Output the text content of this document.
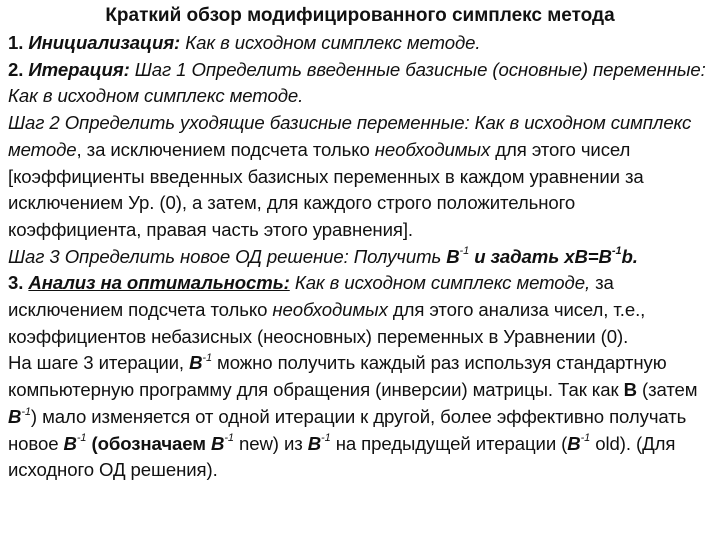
Краткий обзор модифицированного симплекс метода

1. Инициализация: Как в исходном симплекс методе.

2. Итерация: Шаг 1 Определить введенные базисные (основные) переменные: Как в исходном симплекс методе.

Шаг 2 Определить уходящие базисные переменные: Как в исходном симплекс методе, за исключением подсчета только необходимых для этого чисел [коэффициенты введенных базисных переменных в каждом уравнении за исключением Ур. (0), а затем, для каждого строго положительного коэффициента, правая часть этого уравнения].

Шаг 3 Определить новое ОД решение: Получить $B^{-1}$ и задать $xB=B^{-1}b$.

3. Анализ на оптимальность: Как в исходном симплекс методе, за исключением подсчета только необходимых для этого анализа чисел, т.е., коэффициентов небазисных (неосновных) переменных в Уравнении (0).

На шаге 3 итерации, $B^{-1}$ можно получить каждый раз используя стандартную компьютерную программу для обращения (инверсии) матрицы. Так как B (затем $B^{-1}$) мало изменяется от одной итерации к другой, более эффективно получать новое $B^{-1}$ (обозначаем $B^{-1}$ new) из $B^{-1}$ на предыдущей итерации ($B^{-1}$ old). (Для исходного ОД решения).
